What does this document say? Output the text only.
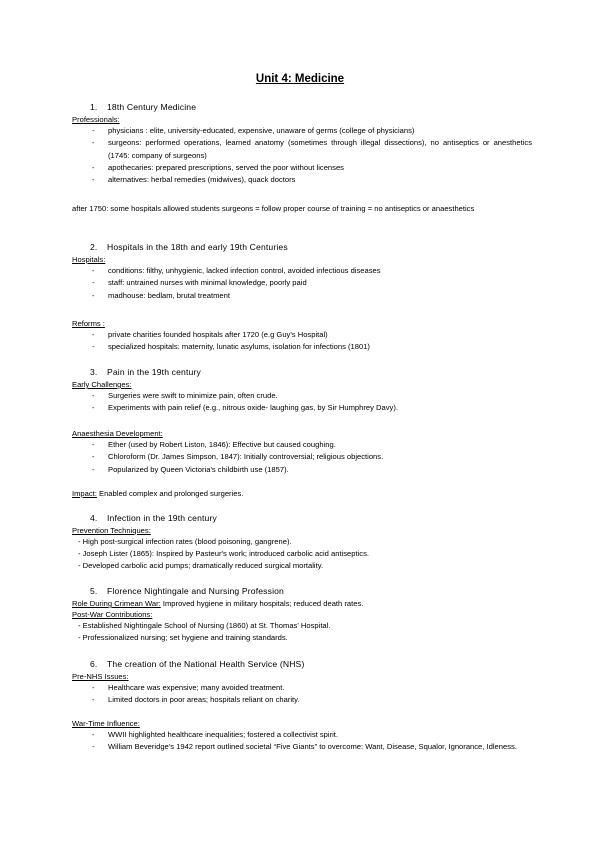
Unit 4: Medicine
1. 18th Century Medicine
Professionals:
- physicians : elite, university-educated, expensive, unaware of germs (college of physicians)
- surgeons: performed operations, learned anatomy (sometimes through illegal dissections), no antiseptics or anesthetics (1745: company of surgeons)
- apothecaries: prepared prescriptions, served the poor without licenses
- alternatives: herbal remedies (midwives), quack doctors
after 1750: some hospitals allowed students surgeons = follow proper course of training = no antiseptics or anaesthetics
2. Hospitals in the 18th and early 19th Centuries
Hospitals:
- conditions: filthy, unhygienic, lacked infection control, avoided infectious diseases
- staff: untrained nurses with minimal knowledge, poorly paid
- madhouse: bedlam, brutal treatment
Reforms :
- private charities founded hospitals after 1720 (e.g Guy's Hospital)
- specialized hospitals: maternity, lunatic asylums, isolation for infections (1801)
3. Pain in the 19th century
Early Challenges:
- Surgeries were swift to minimize pain, often crude.
- Experiments with pain relief (e.g., nitrous oxide- laughing gas, by Sir Humphrey Davy).
Anaesthesia Development:
- Ether (used by Robert Liston, 1846): Effective but caused coughing.
- Chloroform (Dr. James Simpson, 1847): Initially controversial; religious objections.
- Popularized by Queen Victoria's childbirth use (1857).
Impact: Enabled complex and prolonged surgeries.
4. Infection in the 19th century
Prevention Techniques:
- High post-surgical infection rates (blood poisoning, gangrene).
- Joseph Lister (1865): Inspired by Pasteur's work; introduced carbolic acid antiseptics.
- Developed carbolic acid pumps; dramatically reduced surgical mortality.
5. Florence Nightingale and Nursing Profession
Role During Crimean War: Improved hygiene in military hospitals; reduced death rates.
Post-War Contributions:
- Established Nightingale School of Nursing (1860) at St. Thomas' Hospital.
- Professionalized nursing; set hygiene and training standards.
6. The creation of the National Health Service (NHS)
Pre-NHS Issues:
- Healthcare was expensive; many avoided treatment.
- Limited doctors in poor areas; hospitals reliant on charity.
War-Time Influence:
- WWII highlighted healthcare inequalities; fostered a collectivist spirit.
- William Beveridge's 1942 report outlined societal “Five Giants” to overcome: Want, Disease, Squalor, Ignorance, Idleness.
